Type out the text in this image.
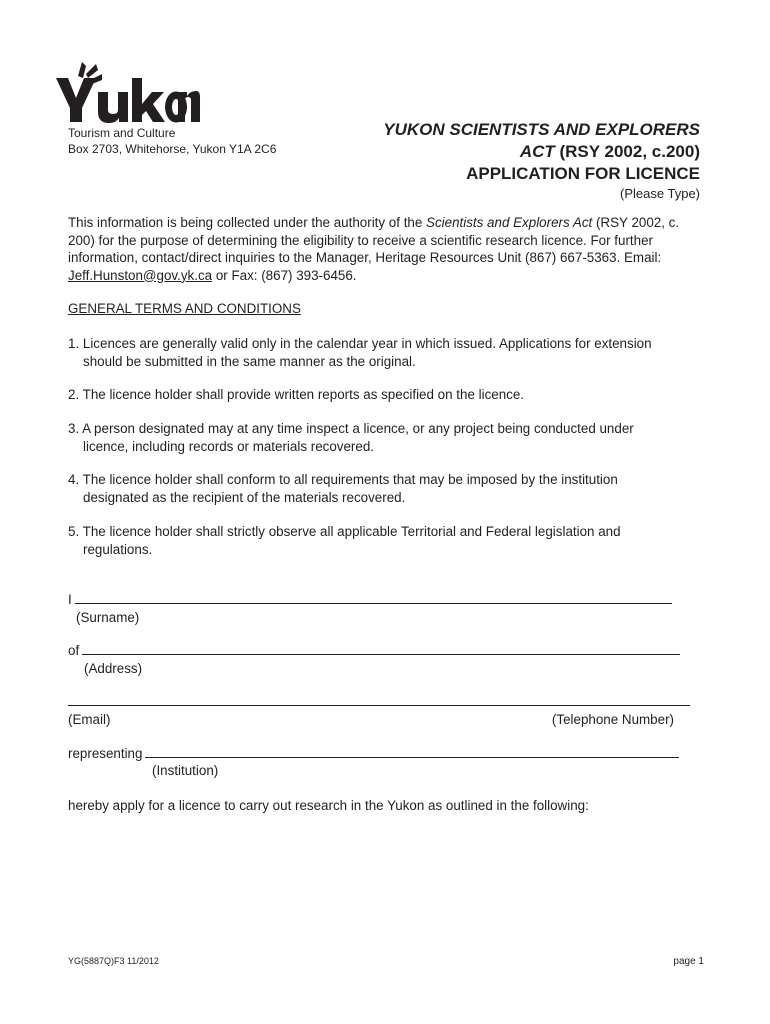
Tourism and Culture
Box 2703, Whitehorse, Yukon Y1A 2C6
YUKON SCIENTISTS AND EXPLORERS
ACT (RSY 2002, c.200)
APPLICATION FOR LICENCE
(Please Type)
This information is being collected under the authority of the Scientists and Explorers Act (RSY 2002, c. 200) for the purpose of determining the eligibility to receive a scientific research licence. For further information, contact/direct inquiries to the Manager, Heritage Resources Unit (867) 667-5363. Email: Jeff.Hunston@gov.yk.ca or Fax: (867) 393-6456.
GENERAL TERMS AND CONDITIONS
1. Licences are generally valid only in the calendar year in which issued. Applications for extension
should be submitted in the same manner as the original.
2. The licence holder shall provide written reports as specified on the licence.
3. A person designated may at any time inspect a licence, or any project being conducted under
licence, including records or materials recovered.
4. The licence holder shall conform to all requirements that may be imposed by the institution
designated as the recipient of the materials recovered.
5. The licence holder shall strictly observe all applicable Territorial and Federal legislation and
regulations.
I
(Surname)
of
(Address)
(Email)	(Telephone Number)
representing
(Institution)
hereby apply for a licence to carry out research in the Yukon as outlined in the following:
YG(5887Q)F3 11/2012	page 1
